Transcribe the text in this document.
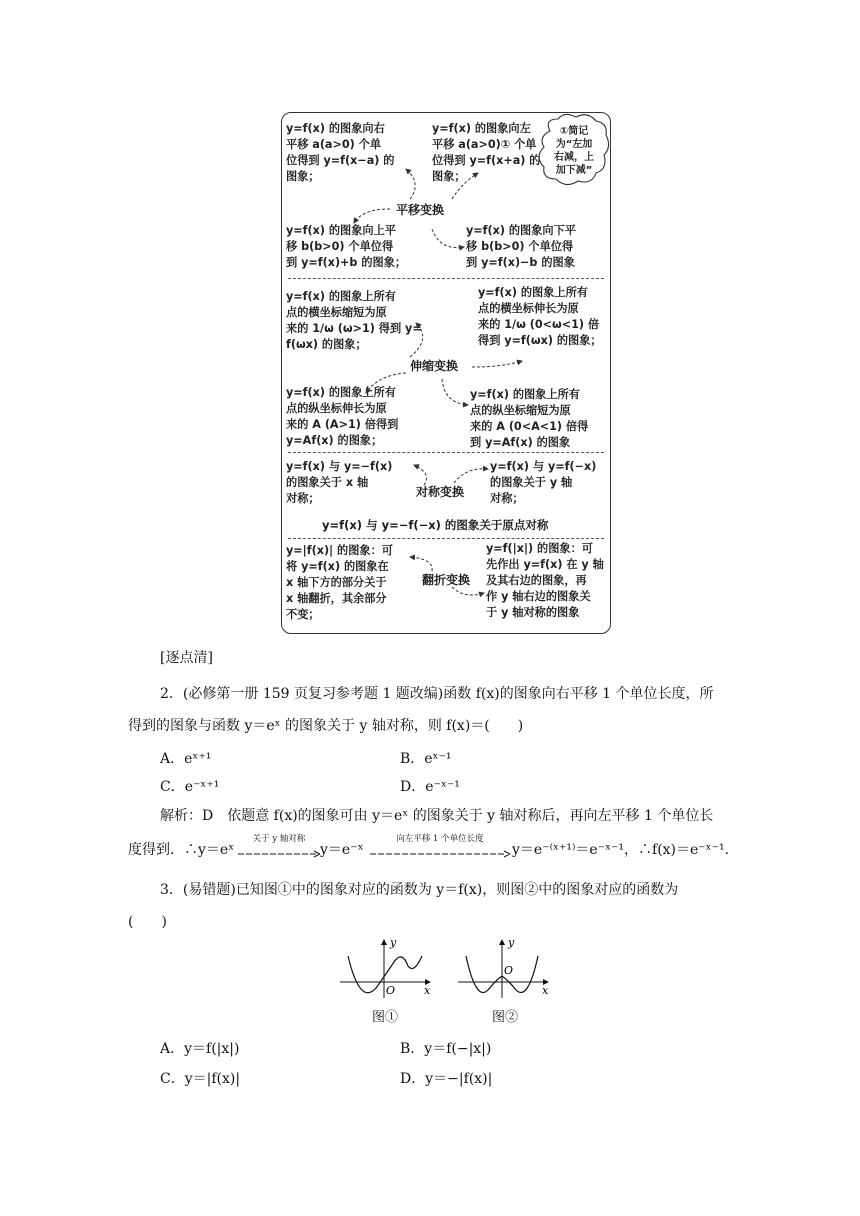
y=f(x) 的图象向右
平移 a(a>0) 个单
位得到 y=f(x−a) 的
图象；
y=f(x) 的图象向左
平移 a(a>0)① 个单
位得到 y=f(x+a) 的
图象；
①简记
为“左加
右减，上
加下减”
平移变换
y=f(x) 的图象向上平
移 b(b>0) 个单位得
到 y=f(x)+b 的图象；
y=f(x) 的图象向下平
移 b(b>0) 个单位得
到 y=f(x)−b 的图象
y=f(x) 的图象上所有
点的横坐标缩短为原
来的 1/ω (ω>1) 得到 y=
f(ωx) 的图象；
y=f(x) 的图象上所有
点的横坐标伸长为原
来的 1/ω (0<ω<1) 倍
得到 y=f(ωx) 的图象；
伸缩变换
y=f(x) 的图象上所有
点的纵坐标伸长为原
来的 A (A>1) 倍得到
y=Af(x) 的图象；
y=f(x) 的图象上所有
点的纵坐标缩短为原
来的 A (0<A<1) 倍得
到 y=Af(x) 的图象
y=f(x) 与 y=−f(x)
的图象关于 x 轴
对称；
y=f(x) 与 y=f(−x)
的图象关于 y 轴
对称；
对称变换
y=f(x) 与 y=−f(−x) 的图象关于原点对称
y=|f(x)| 的图象：可
将 y=f(x) 的图象在
x 轴下方的部分关于
x 轴翻折，其余部分
不变；
y=f(|x|) 的图象：可
先作出 y=f(x) 在 y 轴
及其右边的图象，再
作 y 轴右边的图象关
于 y 轴对称的图象
翻折变换
[逐点清]
2．(必修第一册 159 页复习参考题 1 题改编)函数 f(x)的图象向右平移 1 个单位长度，所
得到的图象与函数 y＝eˣ 的图象关于 y 轴对称，则 f(x)＝(　　)
A．eˣ⁺¹	B．eˣ⁻¹
C．e⁻ˣ⁺¹	D．e⁻ˣ⁻¹
解析：D　依题意 f(x)的图象可由 y＝eˣ 的图象关于 y 轴对称后，再向左平移 1 个单位长
度得到．∴y＝eˣ
关于 y 轴对称
y＝e⁻ˣ
向左平移 1 个单位长度
y＝e⁻⁽ˣ⁺¹⁾＝e⁻ˣ⁻¹，∴f(x)＝e⁻ˣ⁻¹.
3．(易错题)已知图①中的图象对应的函数为 y＝f(x)，则图②中的图象对应的函数为
(　　)
y
x
O
图①
y
x
O
图②
A．y＝f(|x|)	B．y＝f(−|x|)
C．y＝|f(x)|	D．y＝−|f(x)|
